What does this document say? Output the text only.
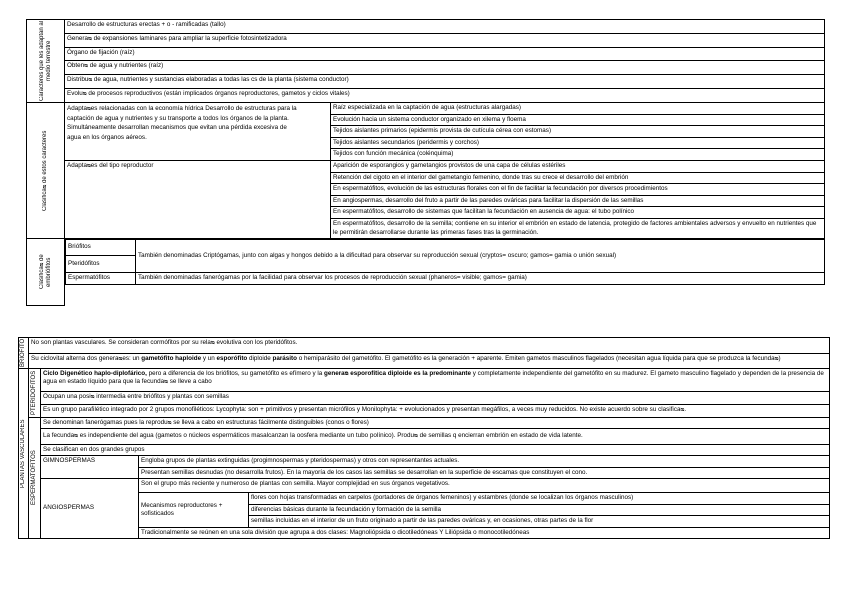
Caracteres que les adaptan al medio terrestre
	Desarrollo de estructuras erectas + o - ramificadas (tallo)
Generaᴓ de expansiones laminares para ampliar la superficie fotosintetizadora
Órgano de fijación (raíz)
Obtenᴓ de agua y nutrientes (raíz)
Distribuᴓ de agua, nutrientes y sustancias elaboradas a todas las cs de la planta (sistema conductor)
Evoluᴓ de procesos reproductivos (están implicados órganos reproductores, gametos y ciclos vitales)

Clasificaᴓ de estos caracteres
	Adaptaᴓes relacionadas con la economía hídrica Desarrollo de estructuras para la captación de agua y nutrientes y su transporte a todos los órganos de la planta. Simultáneamente desarrollan mecanismos que evitan una pérdida excesiva de agua en los órganos aéreos.	Raíz especializada en la captación de agua (estructuras alargadas)
Evolución hacia un sistema conductor organizado en xilema y floema
Tejidos aislantes primarios (epidermis provista de cutícula cérea con estomas)
Tejidos aislantes secundarios (peridermis y corchos)
Tejidos con función mecánica (colénquima)
Adaptaᴓes del tipo reproductor	Aparición de esporangios y gametangios provistos de una capa de células estériles
Retención del cigoto en el interior del gametangio femenino, donde tras su crece el desarrollo del embrión
En espermatófitos, evolución de las estructuras florales con el fin de facilitar la fecundación por diversos procedimientos
En angiospermas, desarrollo del fruto a partir de las paredes ováricas para facilitar la dispersión de las semillas
En espermatófitos, desarrollo de sistemas que facilitan la fecundación en ausencia de agua: el tubo polínico
En espermatófitos, desarrollo de la semilla; contiene en su interior el embrión en estado de latencia, protegido de factores ambientales adversos y envuelto en nutrientes que le permitirán desarrollarse durante las primeras fases tras la germinación.

Clasificaᴓ de embriófitos

Briófitos	También denominadas Criptógamas, junto con algas y hongos debido a la dificultad para observar su reproducción sexual (cryptos= oscuro; gamos= gamia o unión sexual)
Pteridófitos
Espermatófitos	También denominadas fanerógamas por la facilidad para observar los procesos de reproducción sexual (phaneros= visible; gamos= gamia)

BRIÓFITO	No son plantas vasculares. Se consideran cormófitos por su relaᴓ evolutiva con los pteridófitos.			
	Su ciclovital alterna dos generaᴓes: un gametófito haploide y un esporófito diploide parásito o hemiparásito del gametófito. El gametófito es la generación + aparente. Emiten gametos masculinos flagelados (necesitan agua líquida para que se produzca la fecundaᴓ)			

PLANTAS VASCULARES	PTERIDÓFITOS	Ciclo Digenético haplo-diplofárico, pero a diferencia de los briófitos, su gametófito es efímero y la generaᴓ esporofítica diploide es la predominante y completamente independiente del gametófito en su madurez. El gameto masculino flagelado y dependen de la presencia de agua en estado líquido para que la fecundaᴓ se lleve a cabo		
		Ocupan una posiᴓ intermedia entre briófitos y plantas con semillas		
		Es un grupo parafilético integrado por 2 grupos monofiléticos: Lycophyta: son + primitivos y presentan micrófilos y Monilophyta: + evolucionados y presentan megáfilos, a veces muy reducidos. No existe acuerdo sobre su clasificaᴓ.		

	ESPERMATÓFITOS	Se denominan fanerógamas pues la reproduᴓ se lleva a cabo en estructuras fácilmente distinguibles (conos o flores)		
		La fecundaᴓ es independiente del agua (gametos o núcleos espermáticos masalcanzan la oosfera mediante un tubo polínico). Produᴓ de semillas q encierran embrión en estado de vida latente.		
		Se clasifican en dos grandes grupos		
		GIMNOSPERMAS	Engloba grupos de plantas extinguidas (progimnospermas y pteridospermas) y otros con representantes actuales.	
			Presentan semillas desnudas (no desarrolla frutos). En la mayoría de los casos las semillas se desarrollan en la superficie de escamas que constituyen el cono.	
		ANGIOSPERMAS	Son el grupo más reciente y numeroso de plantas con semilla. Mayor complejidad en sus órganos vegetativos.	
			Mecanismos reproductores + sofisticados	flores con hojas transformadas en carpelos (portadores de órganos femeninos) y estambres (donde se localizan los órganos masculinos)
				diferencias básicas durante la fecundación y formación de la semilla
				semillas incluidas en el interior de un fruto originado a partir de las paredes ováricas y, en ocasiones, otras partes de la flor
			Tradicionalmente se reúnen en una sola división que agrupa a dos clases: Magnoliópsida o dicotiledóneas Y Liliópsida o monocotiledóneas	
